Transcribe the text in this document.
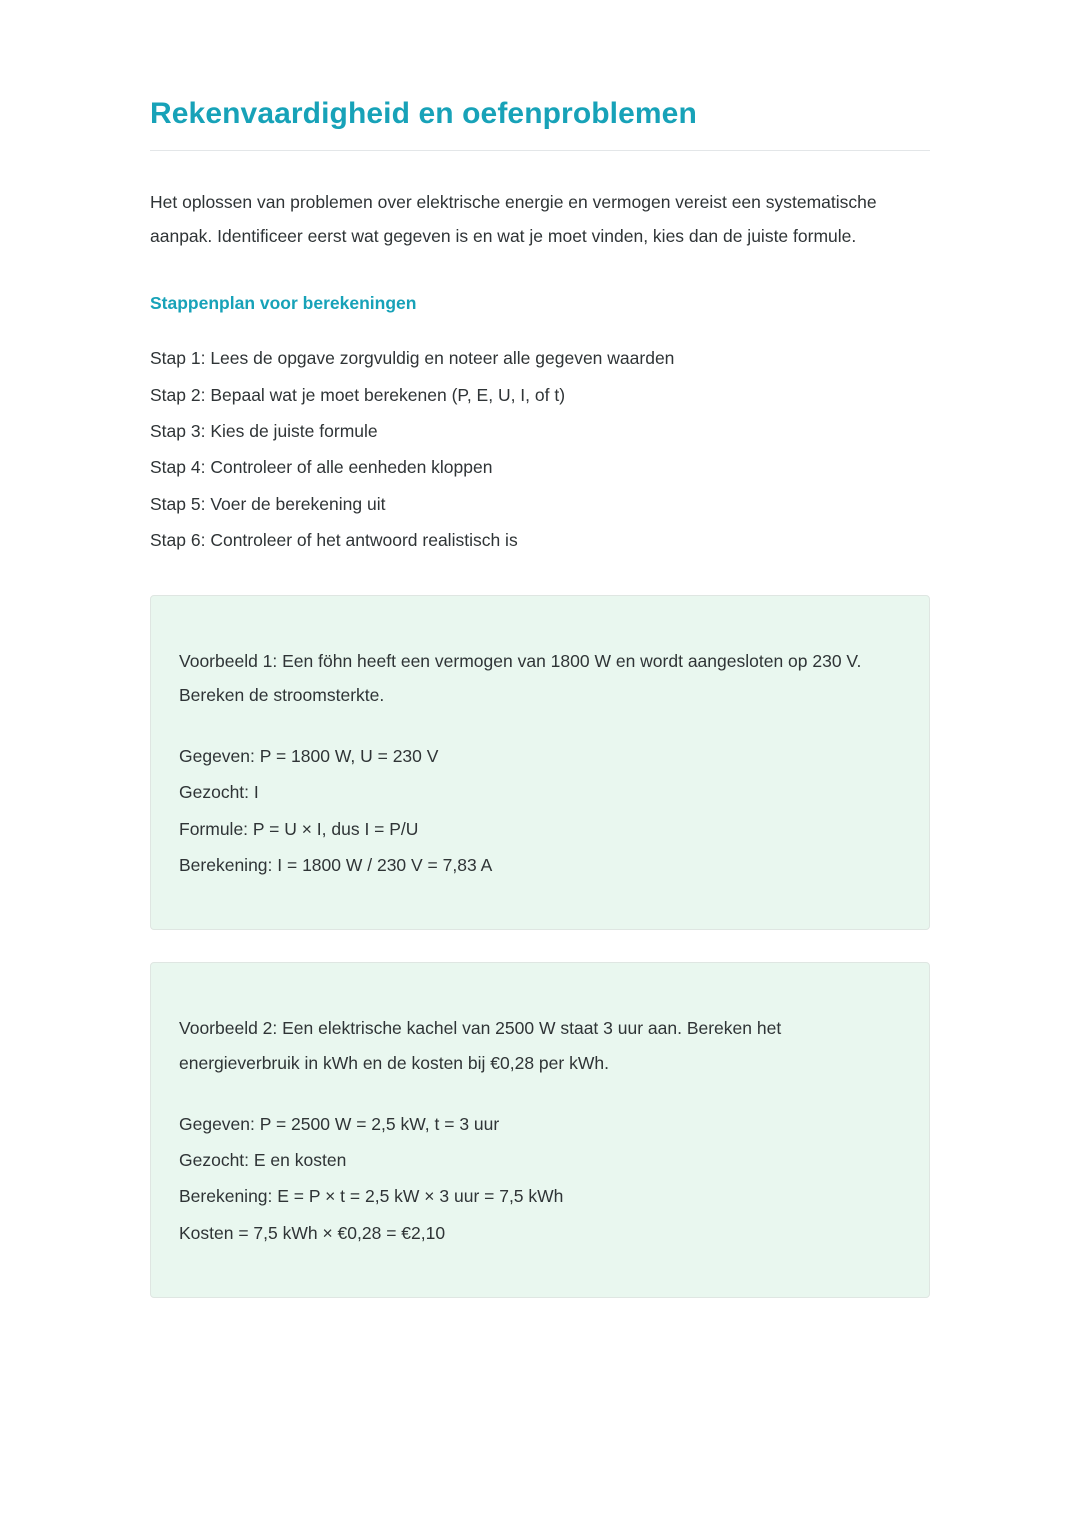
Rekenvaardigheid en oefenproblemen

Het oplossen van problemen over elektrische energie en vermogen vereist een systematische aanpak. Identificeer eerst wat gegeven is en wat je moet vinden, kies dan de juiste formule.

Stappenplan voor berekeningen
Stap 1: Lees de opgave zorgvuldig en noteer alle gegeven waarden
Stap 2: Bepaal wat je moet berekenen (P, E, U, I, of t)
Stap 3: Kies de juiste formule
Stap 4: Controleer of alle eenheden kloppen
Stap 5: Voer de berekening uit
Stap 6: Controleer of het antwoord realistisch is

Voorbeeld 1: Een föhn heeft een vermogen van 1800 W en wordt aangesloten op 230 V. Bereken de stroomsterkte.

Gegeven: P = 1800 W, U = 230 V
Gezocht: I
Formule: P = U × I, dus I = P/U
Berekening: I = 1800 W / 230 V = 7,83 A

Voorbeeld 2: Een elektrische kachel van 2500 W staat 3 uur aan. Bereken het energieverbruik in kWh en de kosten bij €0,28 per kWh.

Gegeven: P = 2500 W = 2,5 kW, t = 3 uur
Gezocht: E en kosten
Berekening: E = P × t = 2,5 kW × 3 uur = 7,5 kWh
Kosten = 7,5 kWh × €0,28 = €2,10
